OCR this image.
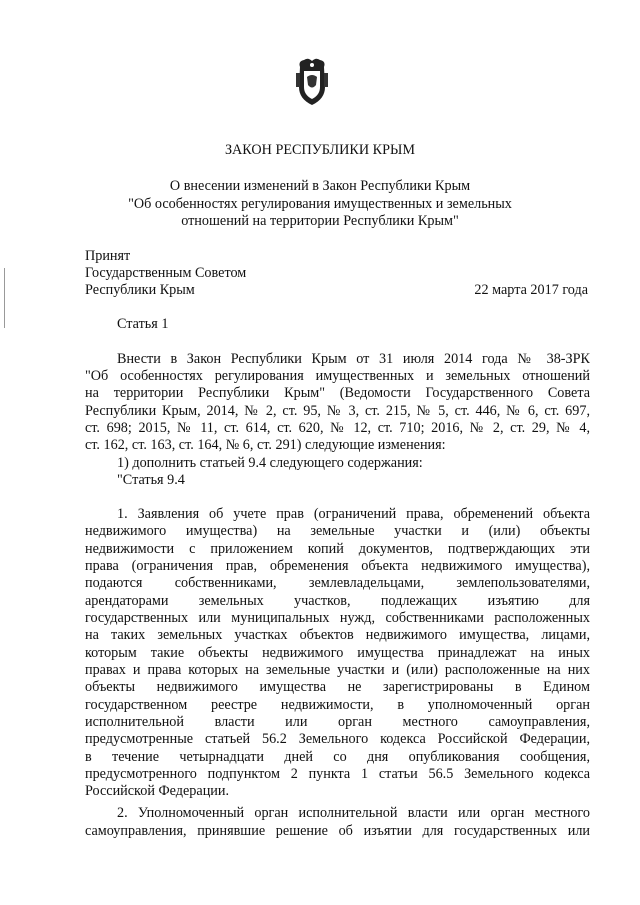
ЗАКОН РЕСПУБЛИКИ КРЫМ
О внесении изменений в Закон Республики Крым
"Об особенностях регулирования имущественных и земельных
отношений на территории Республики Крым"
Принят
Государственным Советом
Республики Крым	22 марта 2017 года
Статья 1
Внести в Закон Республики Крым от 31 июля 2014 года № 38-ЗРК
"Об особенностях регулирования имущественных и земельных отношений
на территории Республики Крым" (Ведомости Государственного Совета
Республики Крым, 2014, № 2, ст. 95, № 3, ст. 215, № 5, ст. 446, № 6, ст. 697,
ст. 698; 2015, № 11, ст. 614, ст. 620, № 12, ст. 710; 2016, № 2, ст. 29, № 4,
ст. 162, ст. 163, ст. 164, № 6, ст. 291) следующие изменения:
1) дополнить статьей 9.4 следующего содержания:
"Статья 9.4
1. Заявления об учете прав (ограничений права, обременений объекта
недвижимого имущества) на земельные участки и (или) объекты
недвижимости с приложением копий документов, подтверждающих эти
права (ограничения прав, обременения объекта недвижимого имущества),
подаются собственниками, землевладельцами, землепользователями,
арендаторами земельных участков, подлежащих изъятию для
государственных или муниципальных нужд, собственниками расположенных
на таких земельных участках объектов недвижимого имущества, лицами,
которым такие объекты недвижимого имущества принадлежат на иных
правах и права которых на земельные участки и (или) расположенные на них
объекты недвижимого имущества не зарегистрированы в Едином
государственном реестре недвижимости, в уполномоченный орган
исполнительной власти или орган местного самоуправления,
предусмотренные статьей 56.2 Земельного кодекса Российской Федерации,
в течение четырнадцати дней со дня опубликования сообщения,
предусмотренного подпунктом 2 пункта 1 статьи 56.5 Земельного кодекса
Российской Федерации.
2. Уполномоченный орган исполнительной власти или орган местного
самоуправления, принявшие решение об изъятии для государственных или
